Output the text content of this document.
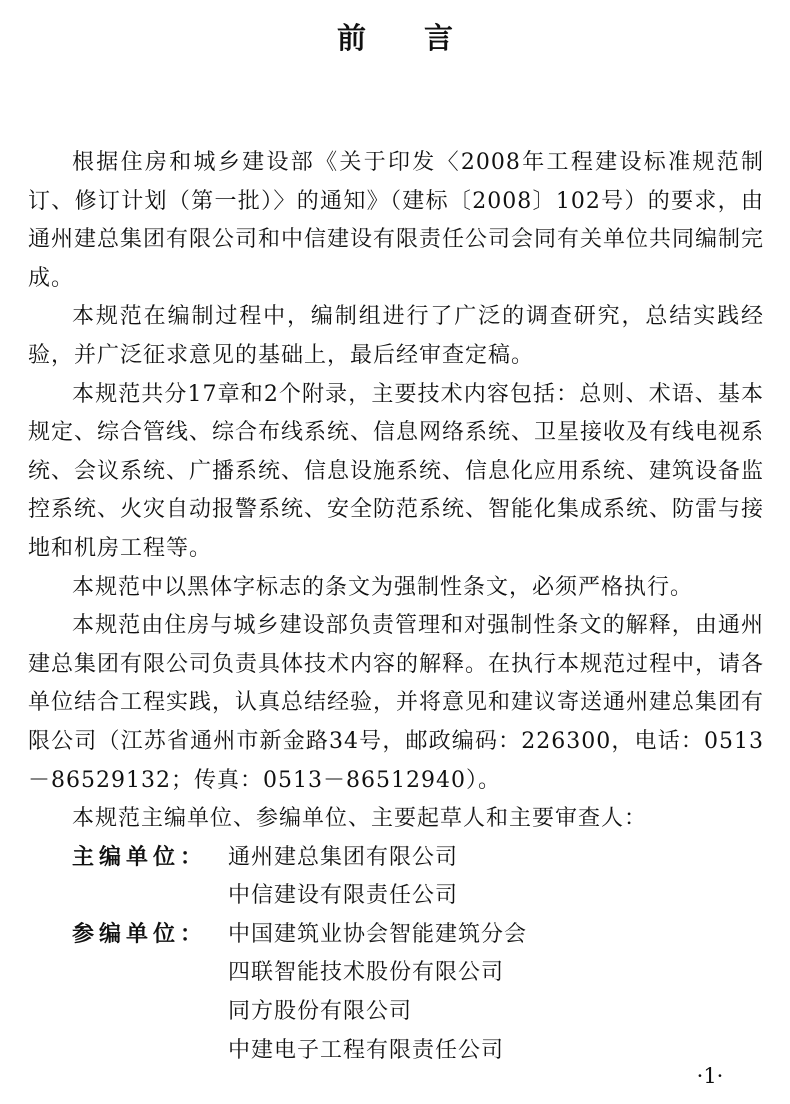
前言

根据住房和城乡建设部《关于印发〈2008年工程建设标准规范制订、修订计划（第一批）〉的通知》（建标〔2008〕102号）的要求，由通州建总集团有限公司和中信建设有限责任公司会同有关单位共同编制完成。

本规范在编制过程中，编制组进行了广泛的调查研究，总结实践经验，并广泛征求意见的基础上，最后经审查定稿。

本规范共分17章和2个附录，主要技术内容包括：总则、术语、基本规定、综合管线、综合布线系统、信息网络系统、卫星接收及有线电视系统、会议系统、广播系统、信息设施系统、信息化应用系统、建筑设备监控系统、火灾自动报警系统、安全防范系统、智能化集成系统、防雷与接地和机房工程等。

本规范中以黑体字标志的条文为强制性条文，必须严格执行。

本规范由住房与城乡建设部负责管理和对强制性条文的解释，由通州建总集团有限公司负责具体技术内容的解释。在执行本规范过程中，请各单位结合工程实践，认真总结经验，并将意见和建议寄送通州建总集团有限公司（江苏省通州市新金路34号，邮政编码：226300，电话：0513－86529132；传真：0513－86512940）。

本规范主编单位、参编单位、主要起草人和主要审查人：

主编单位： 通州建总集团有限公司
中信建设有限责任公司
参编单位： 中国建筑业协会智能建筑分会
四联智能技术股份有限公司
同方股份有限公司
中建电子工程有限责任公司
·1·
